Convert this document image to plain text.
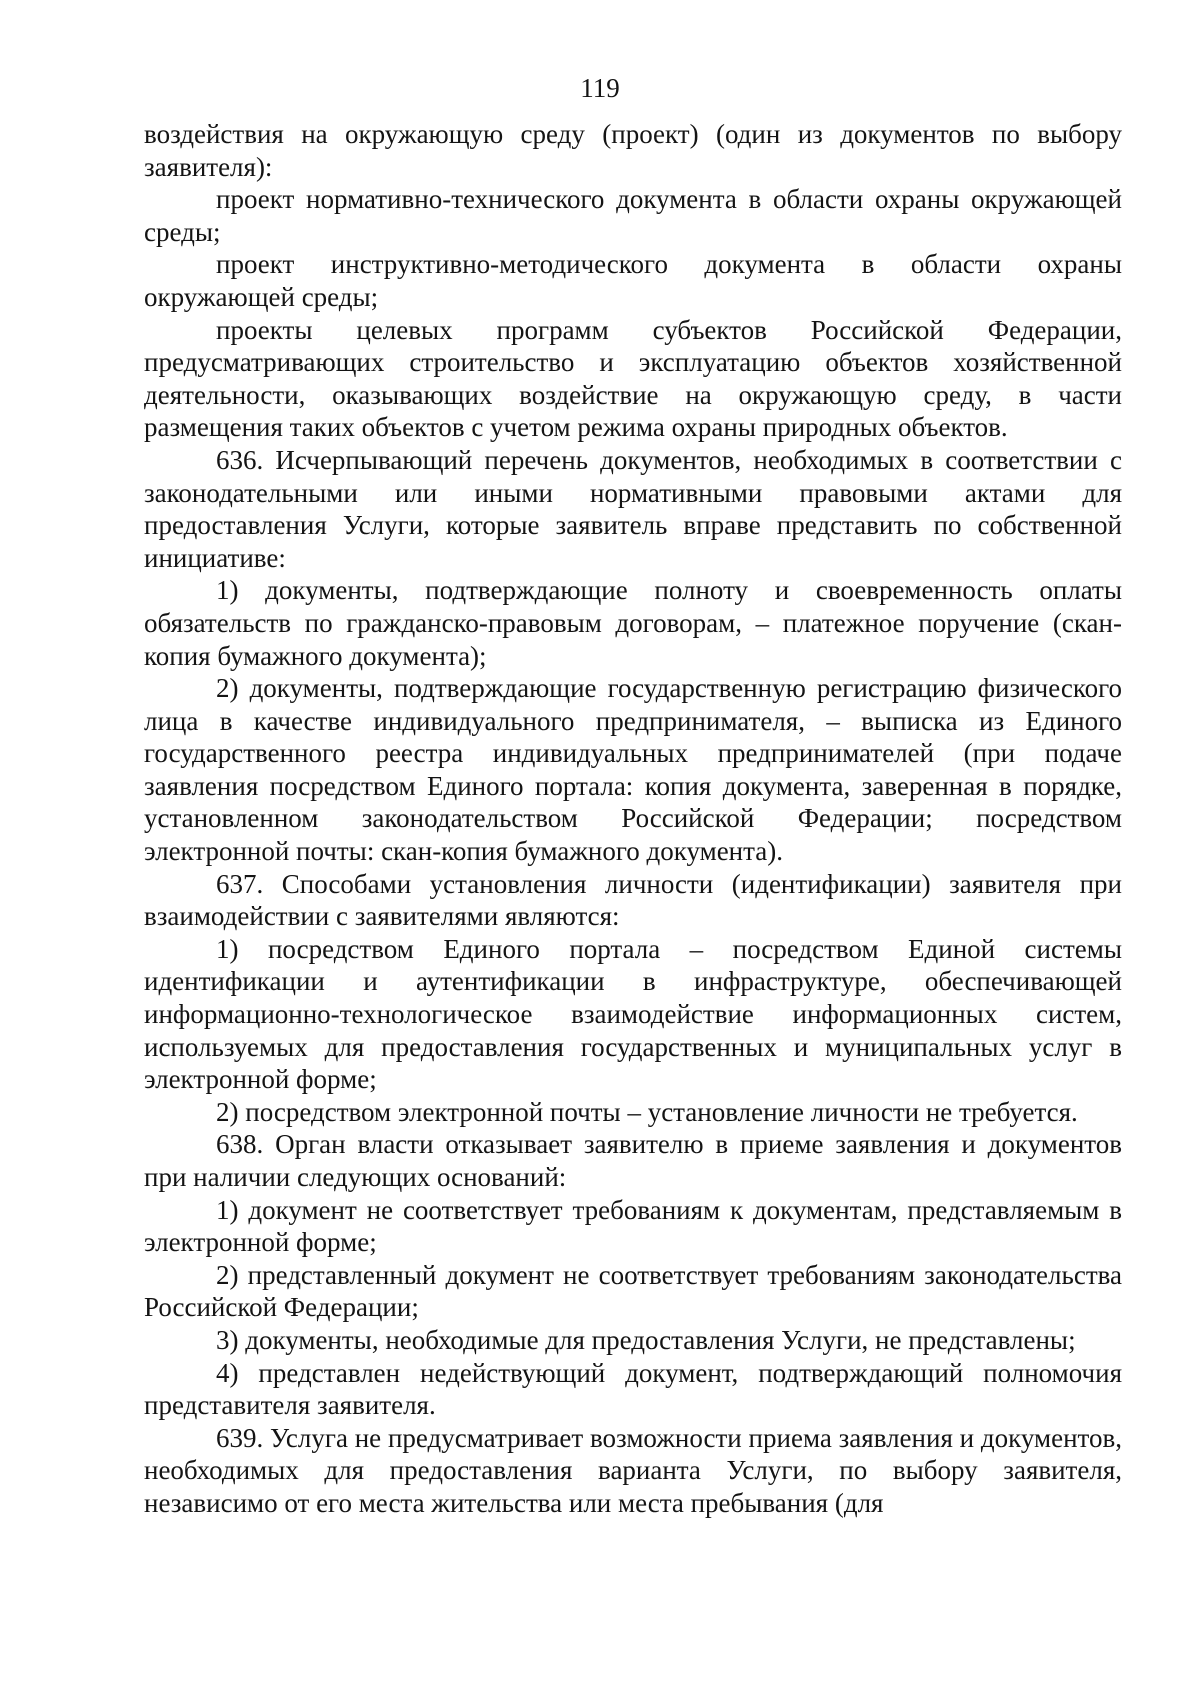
119

воздействия на окружающую среду (проект) (один из документов по выбору заявителя):

проект нормативно-технического документа в области охраны окружающей среды;

проект инструктивно-методического документа в области охраны окружающей среды;

проекты целевых программ субъектов Российской Федерации, предусматривающих строительство и эксплуатацию объектов хозяйственной деятельности, оказывающих воздействие на окружающую среду, в части размещения таких объектов с учетом режима охраны природных объектов.

636. Исчерпывающий перечень документов, необходимых в соответствии с законодательными или иными нормативными правовыми актами для предоставления Услуги, которые заявитель вправе представить по собственной инициативе:

1) документы, подтверждающие полноту и своевременность оплаты обязательств по гражданско-правовым договорам, – платежное поручение (скан-копия бумажного документа);

2) документы, подтверждающие государственную регистрацию физического лица в качестве индивидуального предпринимателя, – выписка из Единого государственного реестра индивидуальных предпринимателей (при подаче заявления посредством Единого портала: копия документа, заверенная в порядке, установленном законодательством Российской Федерации; посредством электронной почты: скан-копия бумажного документа).

637. Способами установления личности (идентификации) заявителя при взаимодействии с заявителями являются:

1) посредством Единого портала – посредством Единой системы идентификации и аутентификации в инфраструктуре, обеспечивающей информационно-технологическое взаимодействие информационных систем, используемых для предоставления государственных и муниципальных услуг в электронной форме;

2) посредством электронной почты – установление личности не требуется.

638. Орган власти отказывает заявителю в приеме заявления и документов при наличии следующих оснований:

1) документ не соответствует требованиям к документам, представляемым в электронной форме;

2) представленный документ не соответствует требованиям законодательства Российской Федерации;

3) документы, необходимые для предоставления Услуги, не представлены;

4) представлен недействующий документ, подтверждающий полномочия представителя заявителя.

639. Услуга не предусматривает возможности приема заявления и документов, необходимых для предоставления варианта Услуги, по выбору заявителя, независимо от его места жительства или места пребывания (для
